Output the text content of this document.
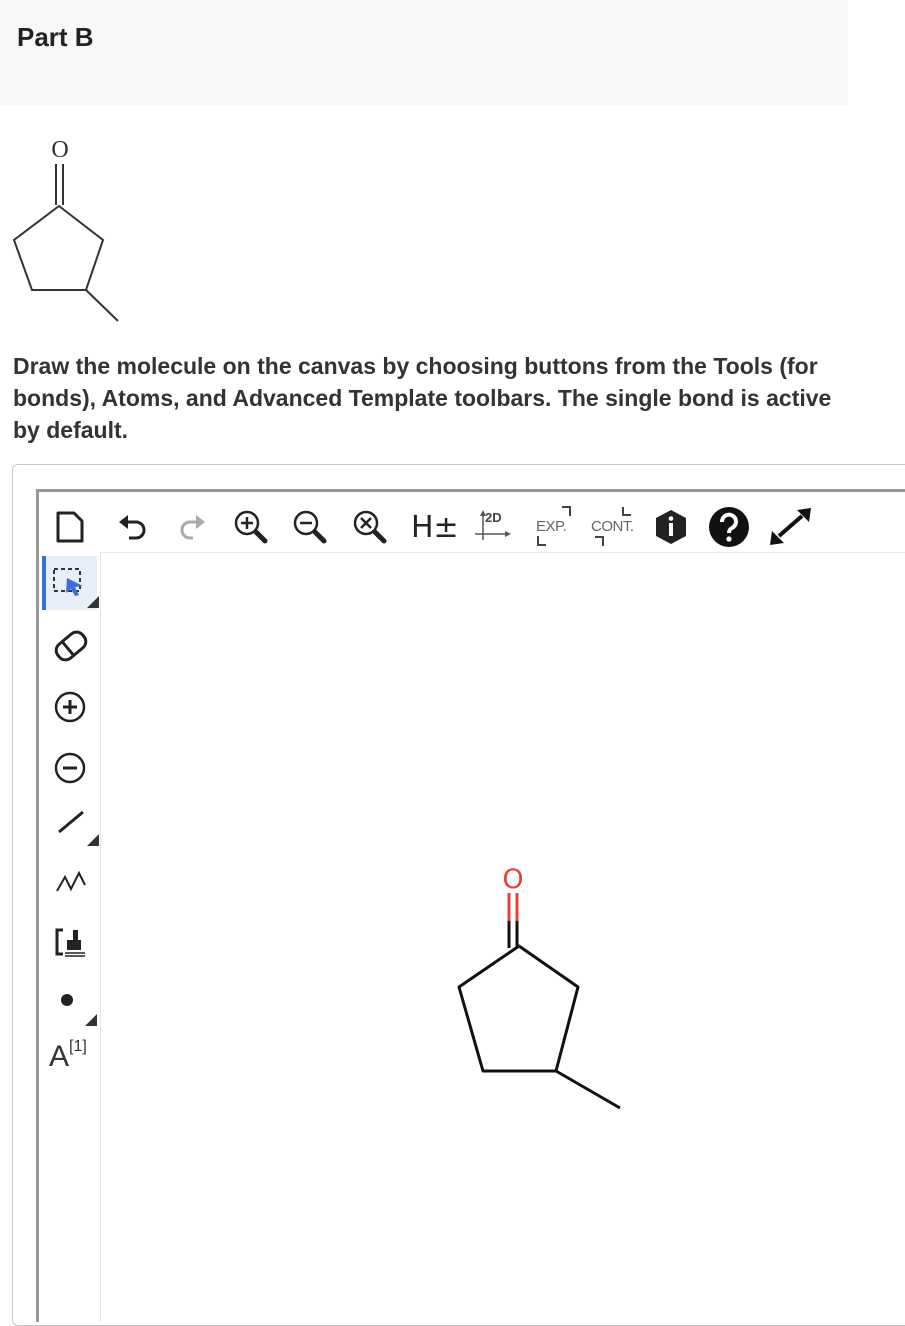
Part B
O
Draw the molecule on the canvas by choosing buttons from the Tools (for bonds), Atoms, and Advanced Template toolbars. The single bond is active by default.
H± 2D
EXP. CONT.
A[1]
O
